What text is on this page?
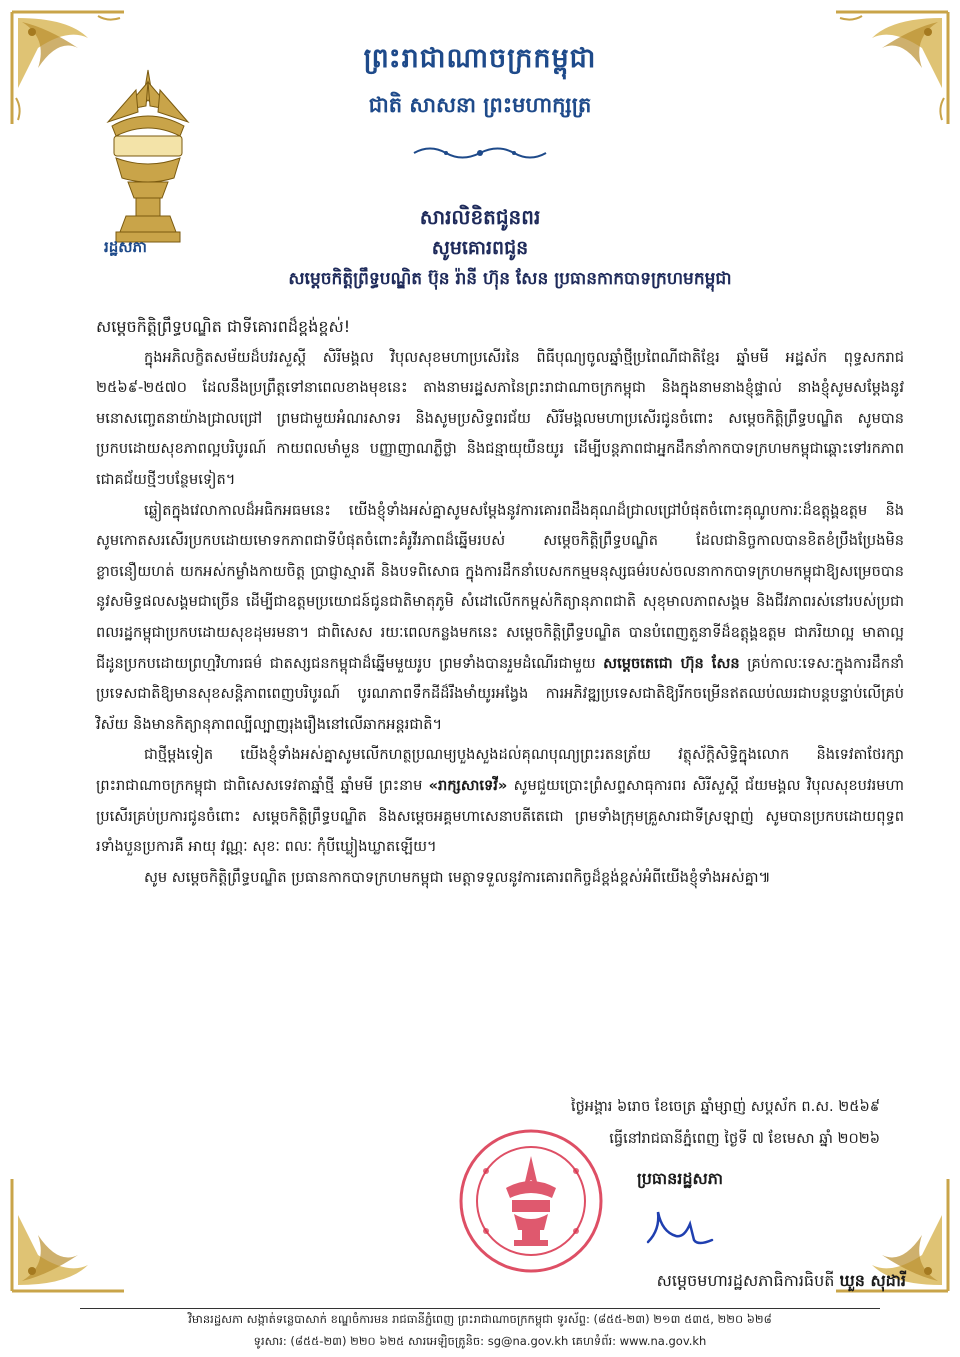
រដ្ឋសភា
ព្រះរាជាណាចក្រកម្ពុជា
ជាតិ សាសនា ព្រះមហាក្សត្រ
សារលិខិតជូនពរ
សូមគោរពជូន
សម្តេចកិត្តិព្រឹទ្ធបណ្ឌិត ប៊ុន រ៉ានី ហ៊ុន សែន ប្រធានកាកបាទក្រហមកម្ពុជា

សម្តេចកិត្តិព្រឹទ្ធបណ្ឌិត ជាទីគោរពដ៏ខ្ពង់ខ្ពស់!

ក្នុងអភិលក្ខិតសម័យដ៏បវរសួស្តី សិរីមង្គល វិបុលសុខមហាប្រសើរនៃ ពិធីបុណ្យចូលឆ្នាំថ្មីប្រពៃណីជាតិខ្មែរ ឆ្នាំមមី អដ្ឋស័ក ពុទ្ធសករាជ ២៥៦៩-២៥៧០ ដែលនឹងប្រព្រឹត្តទៅនាពេលខាងមុខនេះ តាងនាមរដ្ឋសភានៃព្រះរាជាណាចក្រកម្ពុជា និងក្នុងនាមនាងខ្ញុំផ្ទាល់ នាងខ្ញុំសូមសម្តែងនូវមនោសញ្ចេតនាយ៉ាងជ្រាលជ្រៅ ព្រមជាមួយអំណរសាទរ និងសូមប្រសិទ្ធពរជ័យ សិរីមង្គលមហាប្រសើរជូនចំពោះ សម្តេចកិត្តិព្រឹទ្ធបណ្ឌិត សូមបានប្រកបដោយសុខភាពល្អបរិបូរណ៍ កាយពលមាំមួន បញ្ញាញាណភ្លឺថ្លា និងជន្មាយុយឺនយូរ ដើម្បីបន្តភាពជាអ្នកដឹកនាំកាកបាទក្រហមកម្ពុជាឆ្ពោះទៅរកភាពជោគជ័យថ្មីៗបន្ថែមទៀត។

ឆ្លៀតក្នុងវេលាកាលដ៏អធិកអធមនេះ យើងខ្ញុំទាំងអស់គ្នាសូមសម្តែងនូវការគោរពដឹងគុណដ៏ជ្រាលជ្រៅបំផុតចំពោះគុណូបការៈដ៏ឧត្តុង្គឧត្តម និងសូមកោតសរសើរប្រកបដោយមោទកភាពជាទីបំផុតចំពោះគំរូវីរភាពដ៏ឆ្នើមរបស់ សម្តេចកិត្តិព្រឹទ្ធបណ្ឌិត ដែលជានិច្ចកាលបានខិតខំប្រឹងប្រែងមិនខ្លាចនឿយហត់ យកអស់កម្លាំងកាយចិត្ត ប្រាជ្ញាស្មារតី និងបទពិសោធ ក្នុងការដឹកនាំបេសកកម្មមនុស្សធម៌របស់ចលនាកាកបាទក្រហមកម្ពុជាឱ្យសម្រេចបាននូវសមិទ្ធផលសង្គមជាច្រើន ដើម្បីជាឧត្តមប្រយោជន៍ជូនជាតិមាតុភូមិ សំដៅលើកកម្ពស់កិត្យានុភាពជាតិ សុខុមាលភាពសង្គម និងជីវភាពរស់នៅរបស់ប្រជាពលរដ្ឋកម្ពុជាប្រកបដោយសុខដុមរមនា។ ជាពិសេស រយៈពេលកន្លងមកនេះ សម្តេចកិត្តិព្រឹទ្ធបណ្ឌិត បានបំពេញតួនាទីដ៏ឧត្តុង្គឧត្តម ជាភរិយាល្អ មាតាល្អ ជីដូនប្រកបដោយព្រហ្មវិហារធម៌ ជាតស្សជនកម្ពុជាដ៏ឆ្នើមមួយរូប ព្រមទាំងបានរួមដំណើរជាមួយ សម្តេចតេជោ ហ៊ុន សែន គ្រប់កាលៈទេសៈក្នុងការដឹកនាំប្រទេសជាតិឱ្យមានសុខសន្តិភាពពេញបរិបូរណ៍ បូរណភាពទឹកដីដ៏រឹងមាំយូរអង្វែង ការអភិវឌ្ឍប្រទេសជាតិឱ្យរីកចម្រើនឥតឈប់ឈរជាបន្តបន្ទាប់លើគ្រប់វិស័យ និងមានកិត្យានុភាពល្បីល្បាញរុងរឿងនៅលើឆាកអន្តរជាតិ។

ជាថ្មីម្តងទៀត យើងខ្ញុំទាំងអស់គ្នាសូមលើកហត្ថប្រណម្យបួងសួងដល់គុណបុណ្យព្រះរតនត្រ័យ វត្ថុស័ក្តិសិទ្ធិក្នុងលោក និងទេវតាថែរក្សាព្រះរាជាណាចក្រកម្ពុជា ជាពិសេសទេវតាឆ្នាំថ្មី ឆ្នាំមមី ព្រះនាម «រាក្សសាទេវី» សូមជួយប្រោះព្រំសព្ទសាធុការពរ សិរីសួស្តី ជ័យមង្គល វិបុលសុខបវរមហាប្រសើរគ្រប់ប្រការជូនចំពោះ សម្តេចកិត្តិព្រឹទ្ធបណ្ឌិត និងសម្តេចអគ្គមហាសេនាបតីតេជោ ព្រមទាំងក្រុមគ្រួសារជាទីស្រឡាញ់ សូមបានប្រកបដោយពុទ្ធពរទាំងបួនប្រការគឺ អាយុ វណ្ណៈ សុខៈ ពលៈ កុំបីឃ្លៀងឃ្លាតឡើយ។

សូម សម្តេចកិត្តិព្រឹទ្ធបណ្ឌិត ប្រធានកាកបាទក្រហមកម្ពុជា មេត្តាទទួលនូវការគោរពកិច្ចដ៏ខ្ពង់ខ្ពស់អំពីយើងខ្ញុំទាំងអស់គ្នា៕

ថ្ងៃអង្គារ ៦រោច ខែចេត្រ ឆ្នាំម្សាញ់ សប្តស័ក ព.ស. ២៥៦៩
ធ្វើនៅរាជធានីភ្នំពេញ ថ្ងៃទី ៧ ខែមេសា ឆ្នាំ ២០២៦
ប្រធានរដ្ឋសភា
សម្តេចមហារដ្ឋសភាធិការធិបតី ឃួន សុដារី
វិមានរដ្ឋសភា សង្កាត់ទន្លេបាសាក់ ខណ្ឌចំការមន រាជធានីភ្នំពេញ ព្រះរាជាណាចក្រកម្ពុជា ទូរស័ព្ទ: (៨៥៥-២៣) ២១៣ ៥៣៥, ២២០ ៦២៨
ទូរសារ: (៨៥៥-២៣) ២២០ ៦២៥ សារអេឡិចត្រូនិច: sg@na.gov.kh គេហទំព័រ: www.na.gov.kh
